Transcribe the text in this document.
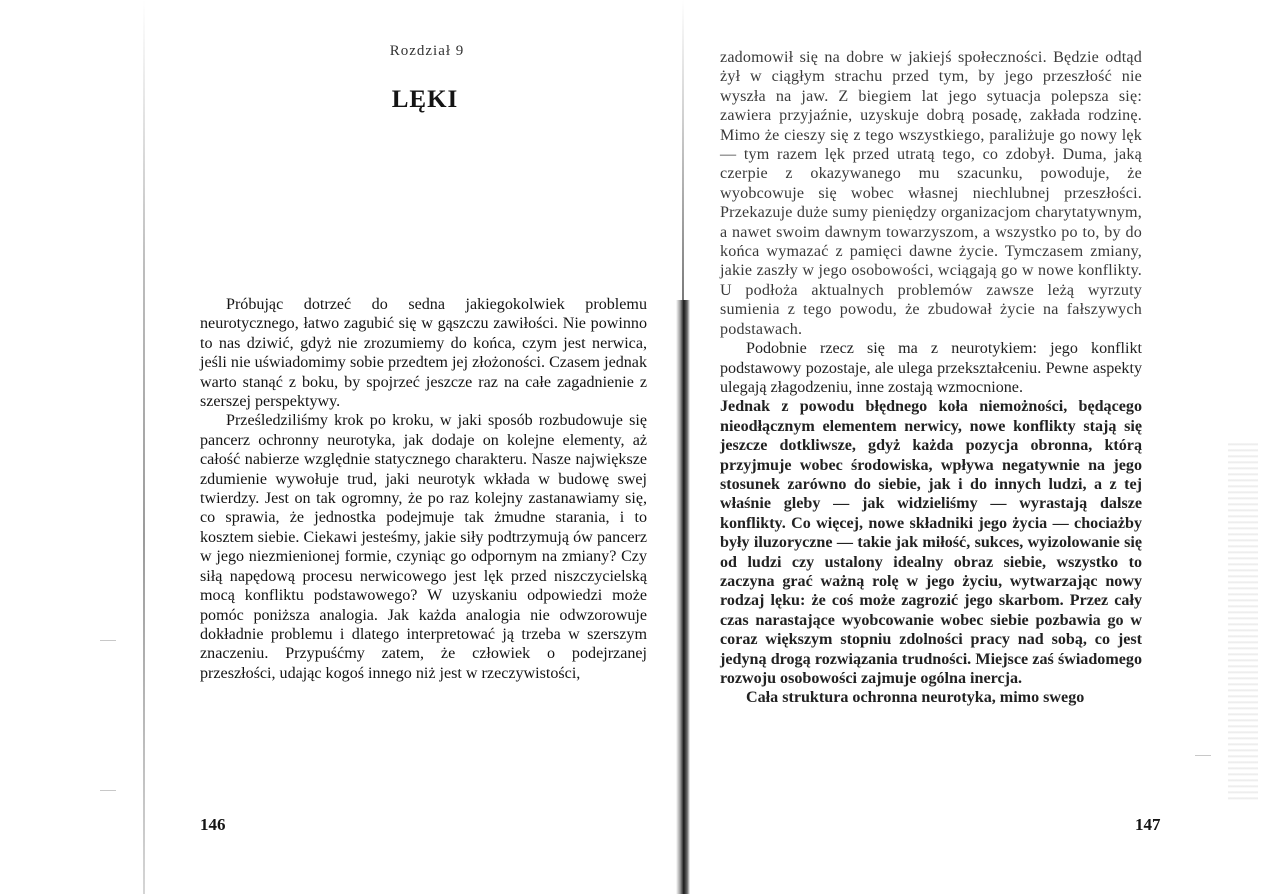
Rozdział 9
LĘKI

Próbując dotrzeć do sedna jakiegokolwiek problemu neurotycznego, łatwo zagubić się w gąszczu zawiłości. Nie powinno to nas dziwić, gdyż nie zrozumiemy do końca, czym jest nerwica, jeśli nie uświadomimy sobie przedtem jej złożoności. Czasem jednak warto stanąć z boku, by spojrzeć jeszcze raz na całe zagadnienie z szerszej perspektywy.

Prześledziliśmy krok po kroku, w jaki sposób rozbudowuje się pancerz ochronny neurotyka, jak dodaje on kolejne elementy, aż całość nabierze względnie statycznego charakteru. Nasze największe zdumienie wywołuje trud, jaki neurotyk wkłada w budowę swej twierdzy. Jest on tak ogromny, że po raz kolejny zastanawiamy się, co sprawia, że jednostka podejmuje tak żmudne starania, i to kosztem siebie. Ciekawi jesteśmy, jakie siły podtrzymują ów pancerz w jego niezmienionej formie, czyniąc go odpornym na zmiany? Czy siłą napędową procesu nerwicowego jest lęk przed niszczycielską mocą konfliktu podstawowego? W uzyskaniu odpowiedzi może pomóc poniższa analogia. Jak każda analogia nie odwzorowuje dokładnie problemu i dlatego interpretować ją trzeba w szerszym znaczeniu. Przypuśćmy zatem, że człowiek o podejrzanej przeszłości, udając kogoś innego niż jest w rzeczywistości,

146

zadomowił się na dobre w jakiejś społeczności. Będzie odtąd żył w ciągłym strachu przed tym, by jego przeszłość nie wyszła na jaw. Z biegiem lat jego sytuacja polepsza się: zawiera przyjaźnie, uzyskuje dobrą posadę, zakłada rodzinę. Mimo że cieszy się z tego wszystkiego, paraliżuje go nowy lęk — tym razem lęk przed utratą tego, co zdobył. Duma, jaką czerpie z okazywanego mu szacunku, powoduje, że wyobcowuje się wobec własnej niechlubnej przeszłości. Przekazuje duże sumy pieniędzy organizacjom charytatywnym, a nawet swoim dawnym towarzyszom, a wszystko po to, by do końca wymazać z pamięci dawne życie. Tymczasem zmiany, jakie zaszły w jego osobowości, wciągają go w nowe konflikty. U podłoża aktualnych problemów zawsze leżą wyrzuty sumienia z tego powodu, że zbudował życie na fałszywych podstawach.

Podobnie rzecz się ma z neurotykiem: jego konflikt podstawowy pozostaje, ale ulega przekształceniu. Pewne aspekty ulegają złagodzeniu, inne zostają wzmocnione.

Jednak z powodu błędnego koła niemożności, będącego nieodłącznym elementem nerwicy, nowe konflikty stają się jeszcze dotkliwsze, gdyż każda pozycja obronna, którą przyjmuje wobec środowiska, wpływa negatywnie na jego stosunek zarówno do siebie, jak i do innych ludzi, a z tej właśnie gleby — jak widzieliśmy — wyrastają dalsze konflikty. Co więcej, nowe składniki jego życia — chociażby były iluzoryczne — takie jak miłość, sukces, wyizolowanie się od ludzi czy ustalony idealny obraz siebie, wszystko to zaczyna grać ważną rolę w jego życiu, wytwarzając nowy rodzaj lęku: że coś może zagrozić jego skarbom. Przez cały czas narastające wyobcowanie wobec siebie pozbawia go w coraz większym stopniu zdolności pracy nad sobą, co jest jedyną drogą rozwiązania trudności. Miejsce zaś świadomego rozwoju osobowości zajmuje ogólna inercja.

Cała struktura ochronna neurotyka, mimo swego

147
